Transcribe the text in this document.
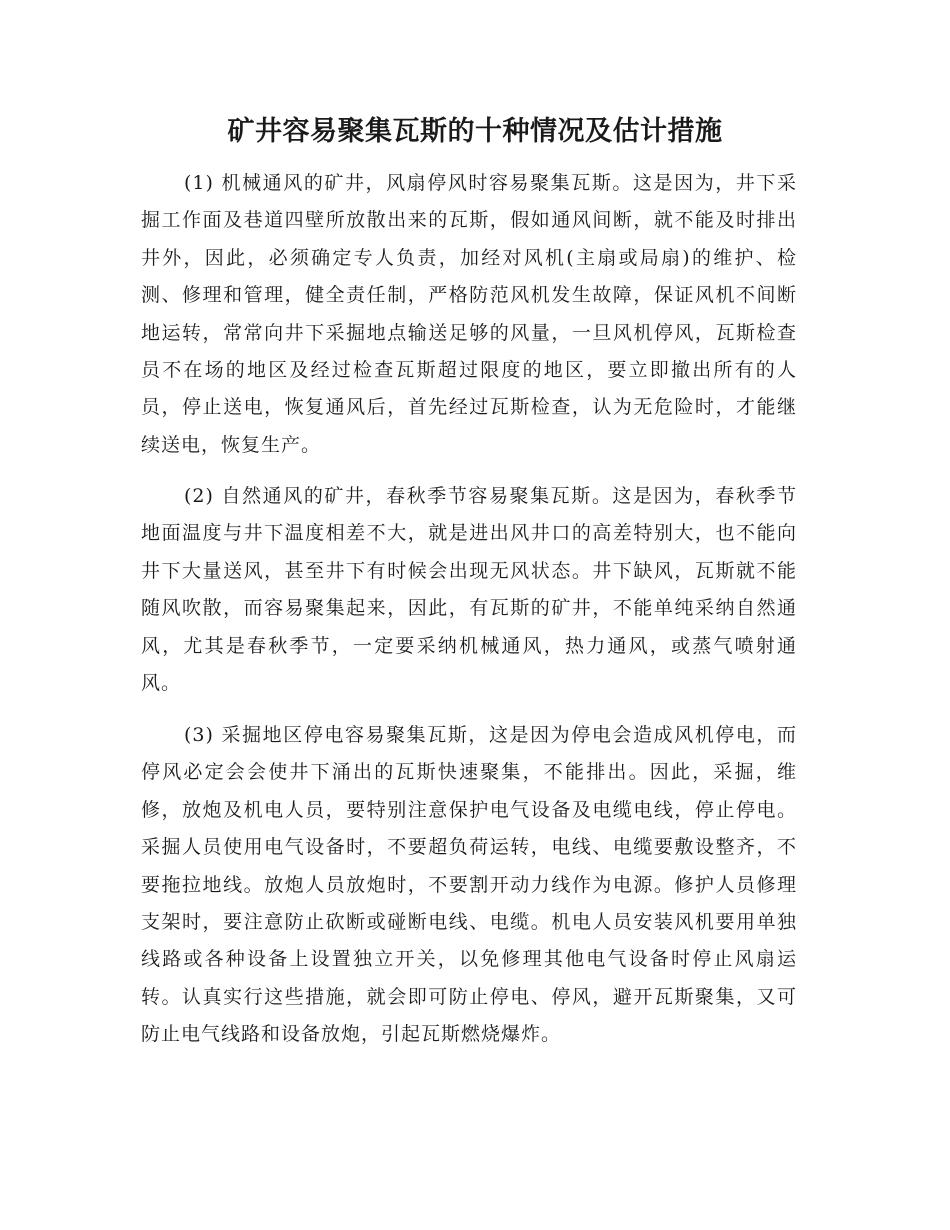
矿井容易聚集瓦斯的十种情况及估计措施

(1) 机械通风的矿井，风扇停风时容易聚集瓦斯。这是因为，井下采掘工作面及巷道四壁所放散出来的瓦斯，假如通风间断，就不能及时排出井外，因此，必须确定专人负责，加经对风机(主扇或局扇)的维护、检测、修理和管理，健全责任制，严格防范风机发生故障，保证风机不间断地运转，常常向井下采掘地点输送足够的风量，一旦风机停风，瓦斯检查员不在场的地区及经过检查瓦斯超过限度的地区，要立即撤出所有的人员，停止送电，恢复通风后，首先经过瓦斯检查，认为无危险时，才能继续送电，恢复生产。

(2) 自然通风的矿井，春秋季节容易聚集瓦斯。这是因为，春秋季节地面温度与井下温度相差不大，就是进出风井口的高差特别大，也不能向井下大量送风，甚至井下有时候会出现无风状态。井下缺风，瓦斯就不能随风吹散，而容易聚集起来，因此，有瓦斯的矿井，不能单纯采纳自然通风，尤其是春秋季节，一定要采纳机械通风，热力通风，或蒸气喷射通风。

(3) 采掘地区停电容易聚集瓦斯，这是因为停电会造成风机停电，而停风必定会会使井下涌出的瓦斯快速聚集，不能排出。因此，采掘，维修，放炮及机电人员，要特别注意保护电气设备及电缆电线，停止停电。采掘人员使用电气设备时，不要超负荷运转，电线、电缆要敷设整齐，不要拖拉地线。放炮人员放炮时，不要割开动力线作为电源。修护人员修理支架时，要注意防止砍断或碰断电线、电缆。机电人员安装风机要用单独线路或各种设备上设置独立开关，以免修理其他电气设备时停止风扇运转。认真实行这些措施，就会即可防止停电、停风，避开瓦斯聚集，又可防止电气线路和设备放炮，引起瓦斯燃烧爆炸。
